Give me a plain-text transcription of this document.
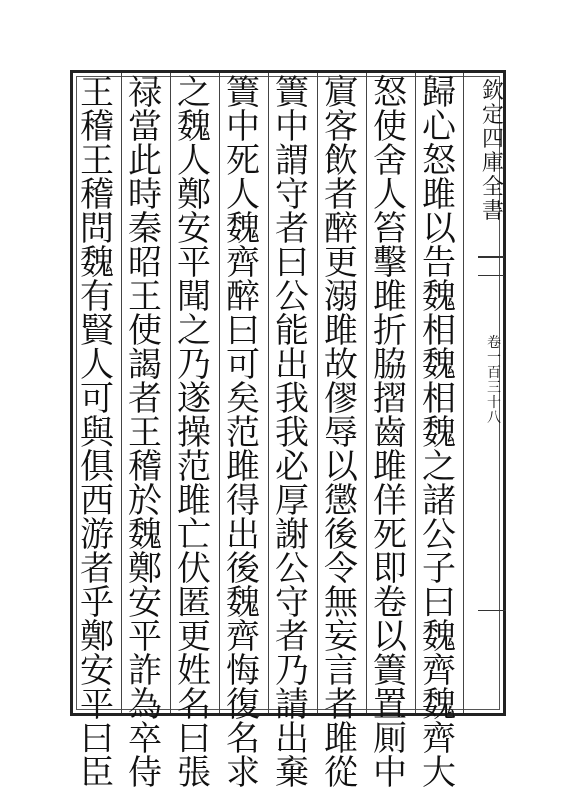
歸
心
怒
雎
以
告
魏
相
魏
相
魏
之
諸
公
子
曰
魏
齊
魏
齊
大
怒
使
舍
人
笞
擊
雎
折
脇
摺
齒
雎
佯
死
即
卷
以
簀
置
厠
中
賔
客
飲
者
醉
更
溺
雎
故
僇
辱
以
懲
後
令
無
妄
言
者
雎
從
簀
中
謂
守
者
曰
公
能
出
我
我
必
厚
謝
公
守
者
乃
請
出
棄
簀
中
死
人
魏
齊
醉
曰
可
矣
范
雎
得
出
後
魏
齊
悔
復
名
求
之
魏
人
鄭
安
平
聞
之
乃
遂
操
范
雎
亡
伏
匿
更
姓
名
曰
張
禄
當
此
時
秦
昭
王
使
謁
者
王
稽
於
魏
鄭
安
平
詐
為
卒
侍
王
稽
王
稽
問
魏
有
賢
人
可
與
俱
西
游
者
乎
鄭
安
平
曰
臣
欽
定
四
庫
全
書
卷
一
百
三
十
八
